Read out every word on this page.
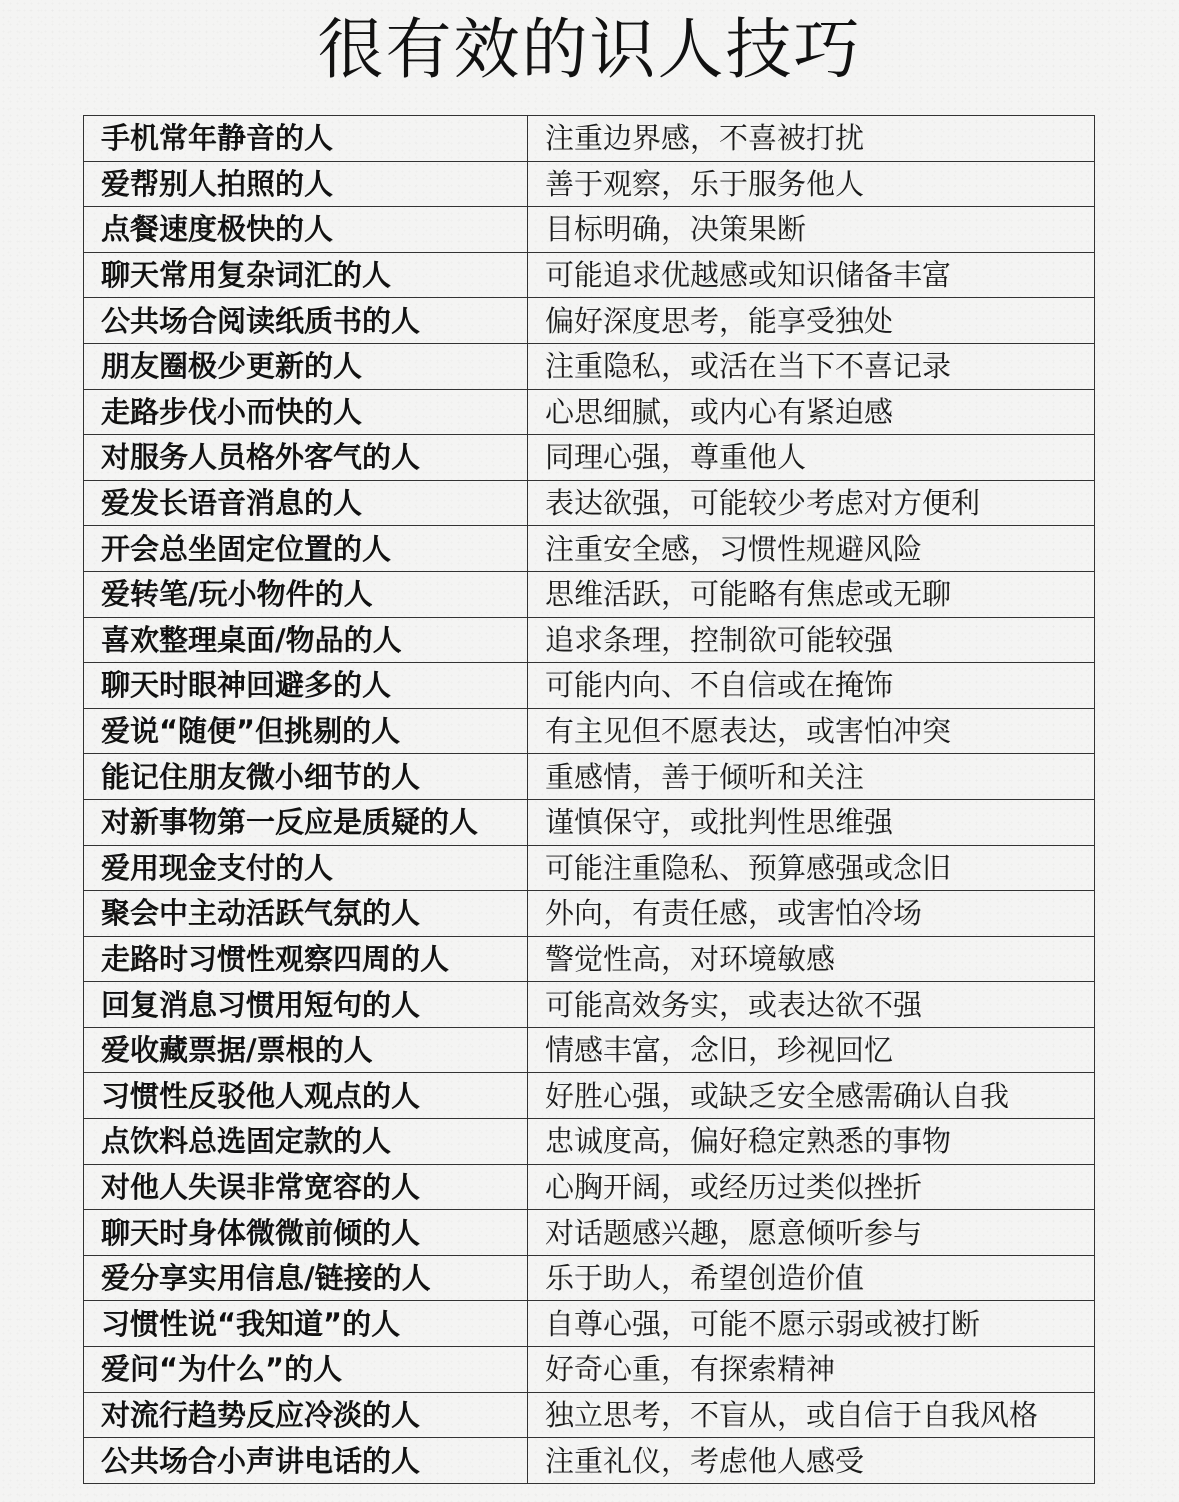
很有效的识人技巧
手机常年静音的人	注重边界感，不喜被打扰
爱帮别人拍照的人	善于观察，乐于服务他人
点餐速度极快的人	目标明确，决策果断
聊天常用复杂词汇的人	可能追求优越感或知识储备丰富
公共场合阅读纸质书的人	偏好深度思考，能享受独处
朋友圈极少更新的人	注重隐私，或活在当下不喜记录
走路步伐小而快的人	心思细腻，或内心有紧迫感
对服务人员格外客气的人	同理心强，尊重他人
爱发长语音消息的人	表达欲强，可能较少考虑对方便利
开会总坐固定位置的人	注重安全感，习惯性规避风险
爱转笔/玩小物件的人	思维活跃，可能略有焦虑或无聊
喜欢整理桌面/物品的人	追求条理，控制欲可能较强
聊天时眼神回避多的人	可能内向、不自信或在掩饰
爱说“随便”但挑剔的人	有主见但不愿表达，或害怕冲突
能记住朋友微小细节的人	重感情，善于倾听和关注
对新事物第一反应是质疑的人	谨慎保守，或批判性思维强
爱用现金支付的人	可能注重隐私、预算感强或念旧
聚会中主动活跃气氛的人	外向，有责任感，或害怕冷场
走路时习惯性观察四周的人	警觉性高，对环境敏感
回复消息习惯用短句的人	可能高效务实，或表达欲不强
爱收藏票据/票根的人	情感丰富，念旧，珍视回忆
习惯性反驳他人观点的人	好胜心强，或缺乏安全感需确认自我
点饮料总选固定款的人	忠诚度高，偏好稳定熟悉的事物
对他人失误非常宽容的人	心胸开阔，或经历过类似挫折
聊天时身体微微前倾的人	对话题感兴趣，愿意倾听参与
爱分享实用信息/链接的人	乐于助人，希望创造价值
习惯性说“我知道”的人	自尊心强，可能不愿示弱或被打断
爱问“为什么”的人	好奇心重，有探索精神
对流行趋势反应冷淡的人	独立思考，不盲从，或自信于自我风格
公共场合小声讲电话的人	注重礼仪，考虑他人感受
